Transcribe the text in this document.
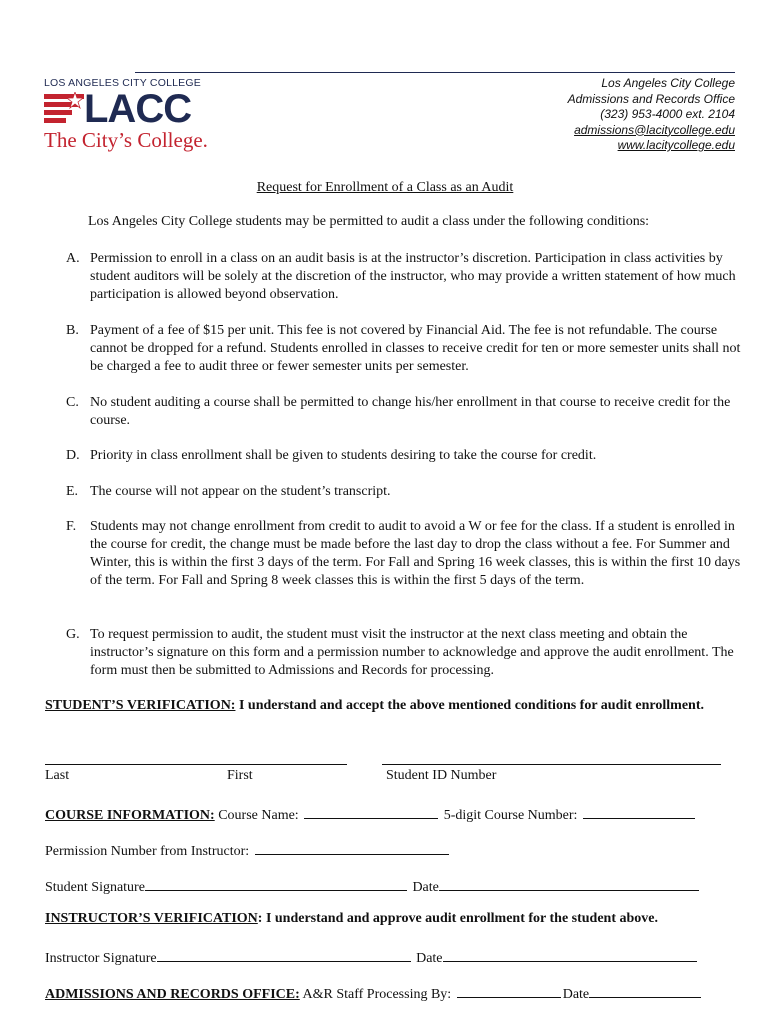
LOS ANGELES CITY COLLEGE
LACC
The City’s College.
Los Angeles City College
Admissions and Records Office
(323) 953-4000 ext. 2104
admissions@lacitycollege.edu
www.lacitycollege.edu
Request for Enrollment of a Class as an Audit
Los Angeles City College students may be permitted to audit a class under the following conditions:
A. Permission to enroll in a class on an audit basis is at the instructor’s discretion. Participation in class activities by student auditors will be solely at the discretion of the instructor, who may provide a written statement of how much participation is allowed beyond observation.
B. Payment of a fee of $15 per unit. This fee is not covered by Financial Aid. The fee is not refundable. The course cannot be dropped for a refund. Students enrolled in classes to receive credit for ten or more semester units shall not be charged a fee to audit three or fewer semester units per semester.
C. No student auditing a course shall be permitted to change his/her enrollment in that course to receive credit for the course.
D. Priority in class enrollment shall be given to students desiring to take the course for credit.
E. The course will not appear on the student’s transcript.
F. Students may not change enrollment from credit to audit to avoid a W or fee for the class. If a student is enrolled in the course for credit, the change must be made before the last day to drop the class without a fee. For Summer and Winter, this is within the first 3 days of the term. For Fall and Spring 16 week classes, this is within the first 10 days of the term. For Fall and Spring 8 week classes this is within the first 5 days of the term.
G. To request permission to audit, the student must visit the instructor at the next class meeting and obtain the instructor’s signature on this form and a permission number to acknowledge and approve the audit enrollment. The form must then be submitted to Admissions and Records for processing.
STUDENT’S VERIFICATION: I understand and accept the above mentioned conditions for audit enrollment.
Last	First	Student ID Number
COURSE INFORMATION: Course Name:	5-digit Course Number:
Permission Number from Instructor:
Student Signature	Date
INSTRUCTOR’S VERIFICATION: I understand and approve audit enrollment for the student above.
Instructor Signature	Date
ADMISSIONS AND RECORDS OFFICE: A&R Staff Processing By:	Date
